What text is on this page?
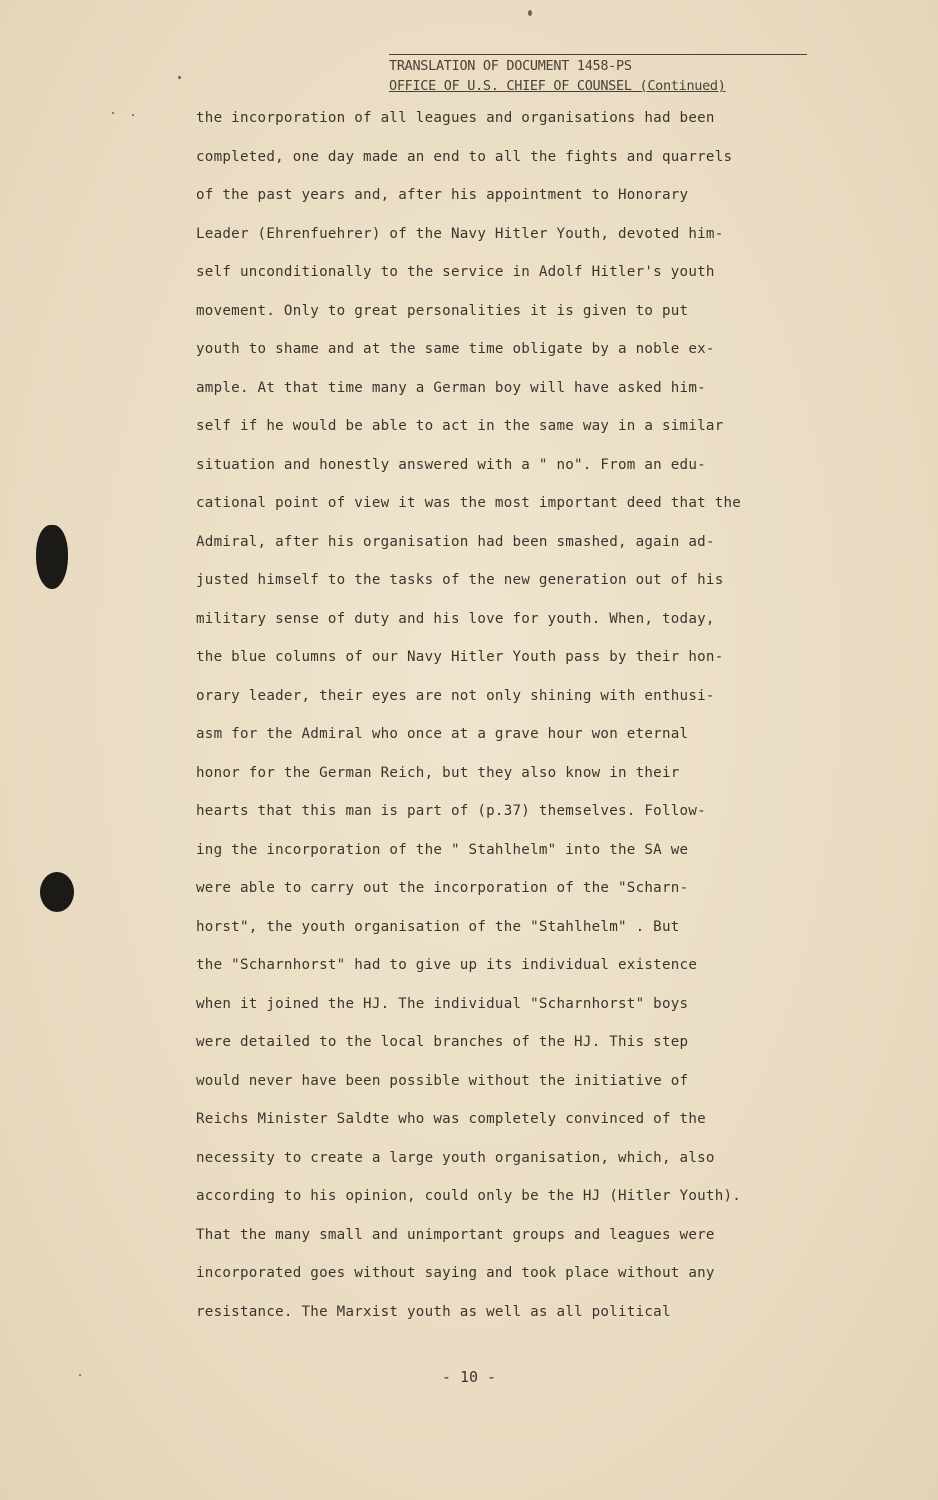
TRANSLATION OF DOCUMENT 1458-PS
OFFICE OF U.S. CHIEF OF COUNSEL (Continued)
the incorporation of all leagues and organisations had been
completed, one day made an end to all the fights and quarrels
of the past years and, after his appointment to Honorary
Leader (Ehrenfuehrer) of the Navy Hitler Youth, devoted him-
self unconditionally to the service in Adolf Hitler's youth
movement. Only to great personalities it is given to put
youth to shame and at the same time obligate by a noble ex-
ample. At that time many a German boy will have asked him-
self if he would be able to act in the same way in a similar
situation and honestly answered with a " no". From an edu-
cational point of view it was the most important deed that the
Admiral, after his organisation had been smashed, again ad-
justed himself to the tasks of the new generation out of his
military sense of duty and his love for youth. When, today,
the blue columns of our Navy Hitler Youth pass by their hon-
orary leader, their eyes are not only shining with enthusi-
asm for the Admiral who once at a grave hour won eternal
honor for the German Reich, but they also know in their
hearts that this man is part of (p.37) themselves. Follow-
ing the incorporation of the " Stahlhelm" into the SA we
were able to carry out the incorporation of the "Scharn-
horst", the youth organisation of the "Stahlhelm" . But
the "Scharnhorst" had to give up its individual existence
when it joined the HJ. The individual "Scharnhorst" boys
were detailed to the local branches of the HJ. This step
would never have been possible without the initiative of
Reichs Minister Saldte who was completely convinced of the
necessity to create a large youth organisation, which, also
according to his opinion, could only be the HJ (Hitler Youth).
That the many small and unimportant groups and leagues were
incorporated goes without saying and took place without any
resistance. The Marxist youth as well as all political
- 10 -
